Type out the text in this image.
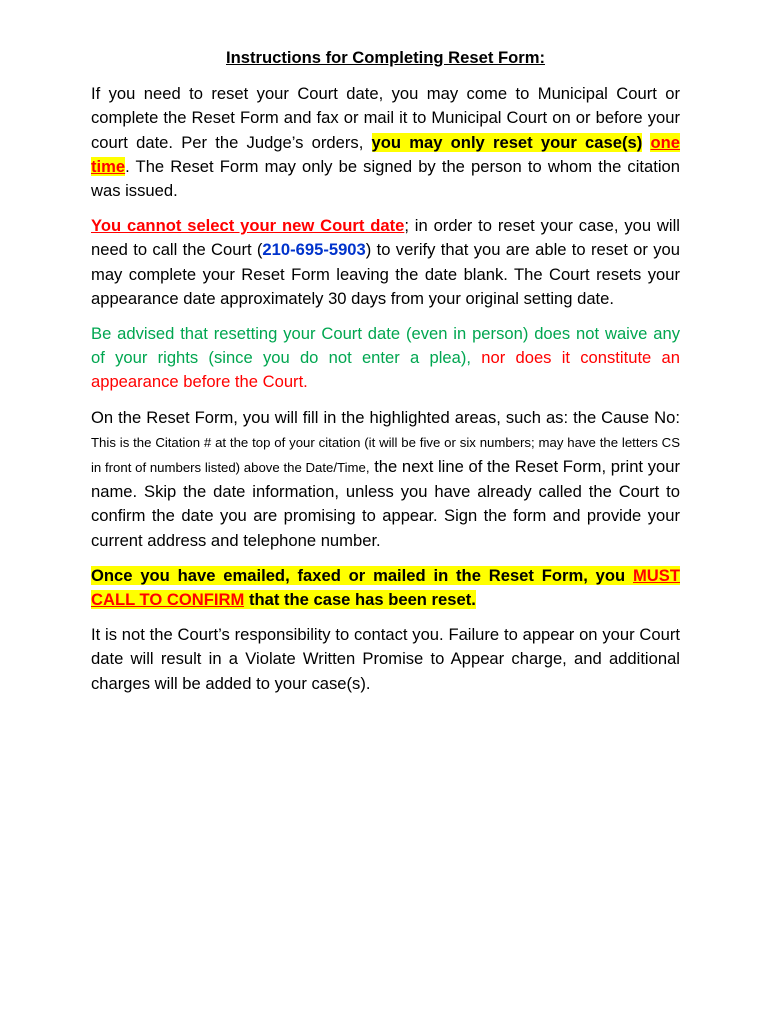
Instructions for Completing Reset Form:

If you need to reset your Court date, you may come to Municipal Court or complete the Reset Form and fax or mail it to Municipal Court on or before your court date. Per the Judge’s orders, you may only reset your case(s) one time. The Reset Form may only be signed by the person to whom the citation was issued.

You cannot select your new Court date; in order to reset your case, you will need to call the Court (210-695-5903) to verify that you are able to reset or you may complete your Reset Form leaving the date blank. The Court resets your appearance date approximately 30 days from your original setting date.

Be advised that resetting your Court date (even in person) does not waive any of your rights (since you do not enter a plea), nor does it constitute an appearance before the Court.

On the Reset Form, you will fill in the highlighted areas, such as: the Cause No: This is the Citation # at the top of your citation (it will be five or six numbers; may have the letters CS in front of numbers listed) above the Date/Time, the next line of the Reset Form, print your name. Skip the date information, unless you have already called the Court to confirm the date you are promising to appear. Sign the form and provide your current address and telephone number.

Once you have emailed, faxed or mailed in the Reset Form, you MUST CALL TO CONFIRM that the case has been reset.

It is not the Court’s responsibility to contact you. Failure to appear on your Court date will result in a Violate Written Promise to Appear charge, and additional charges will be added to your case(s).
